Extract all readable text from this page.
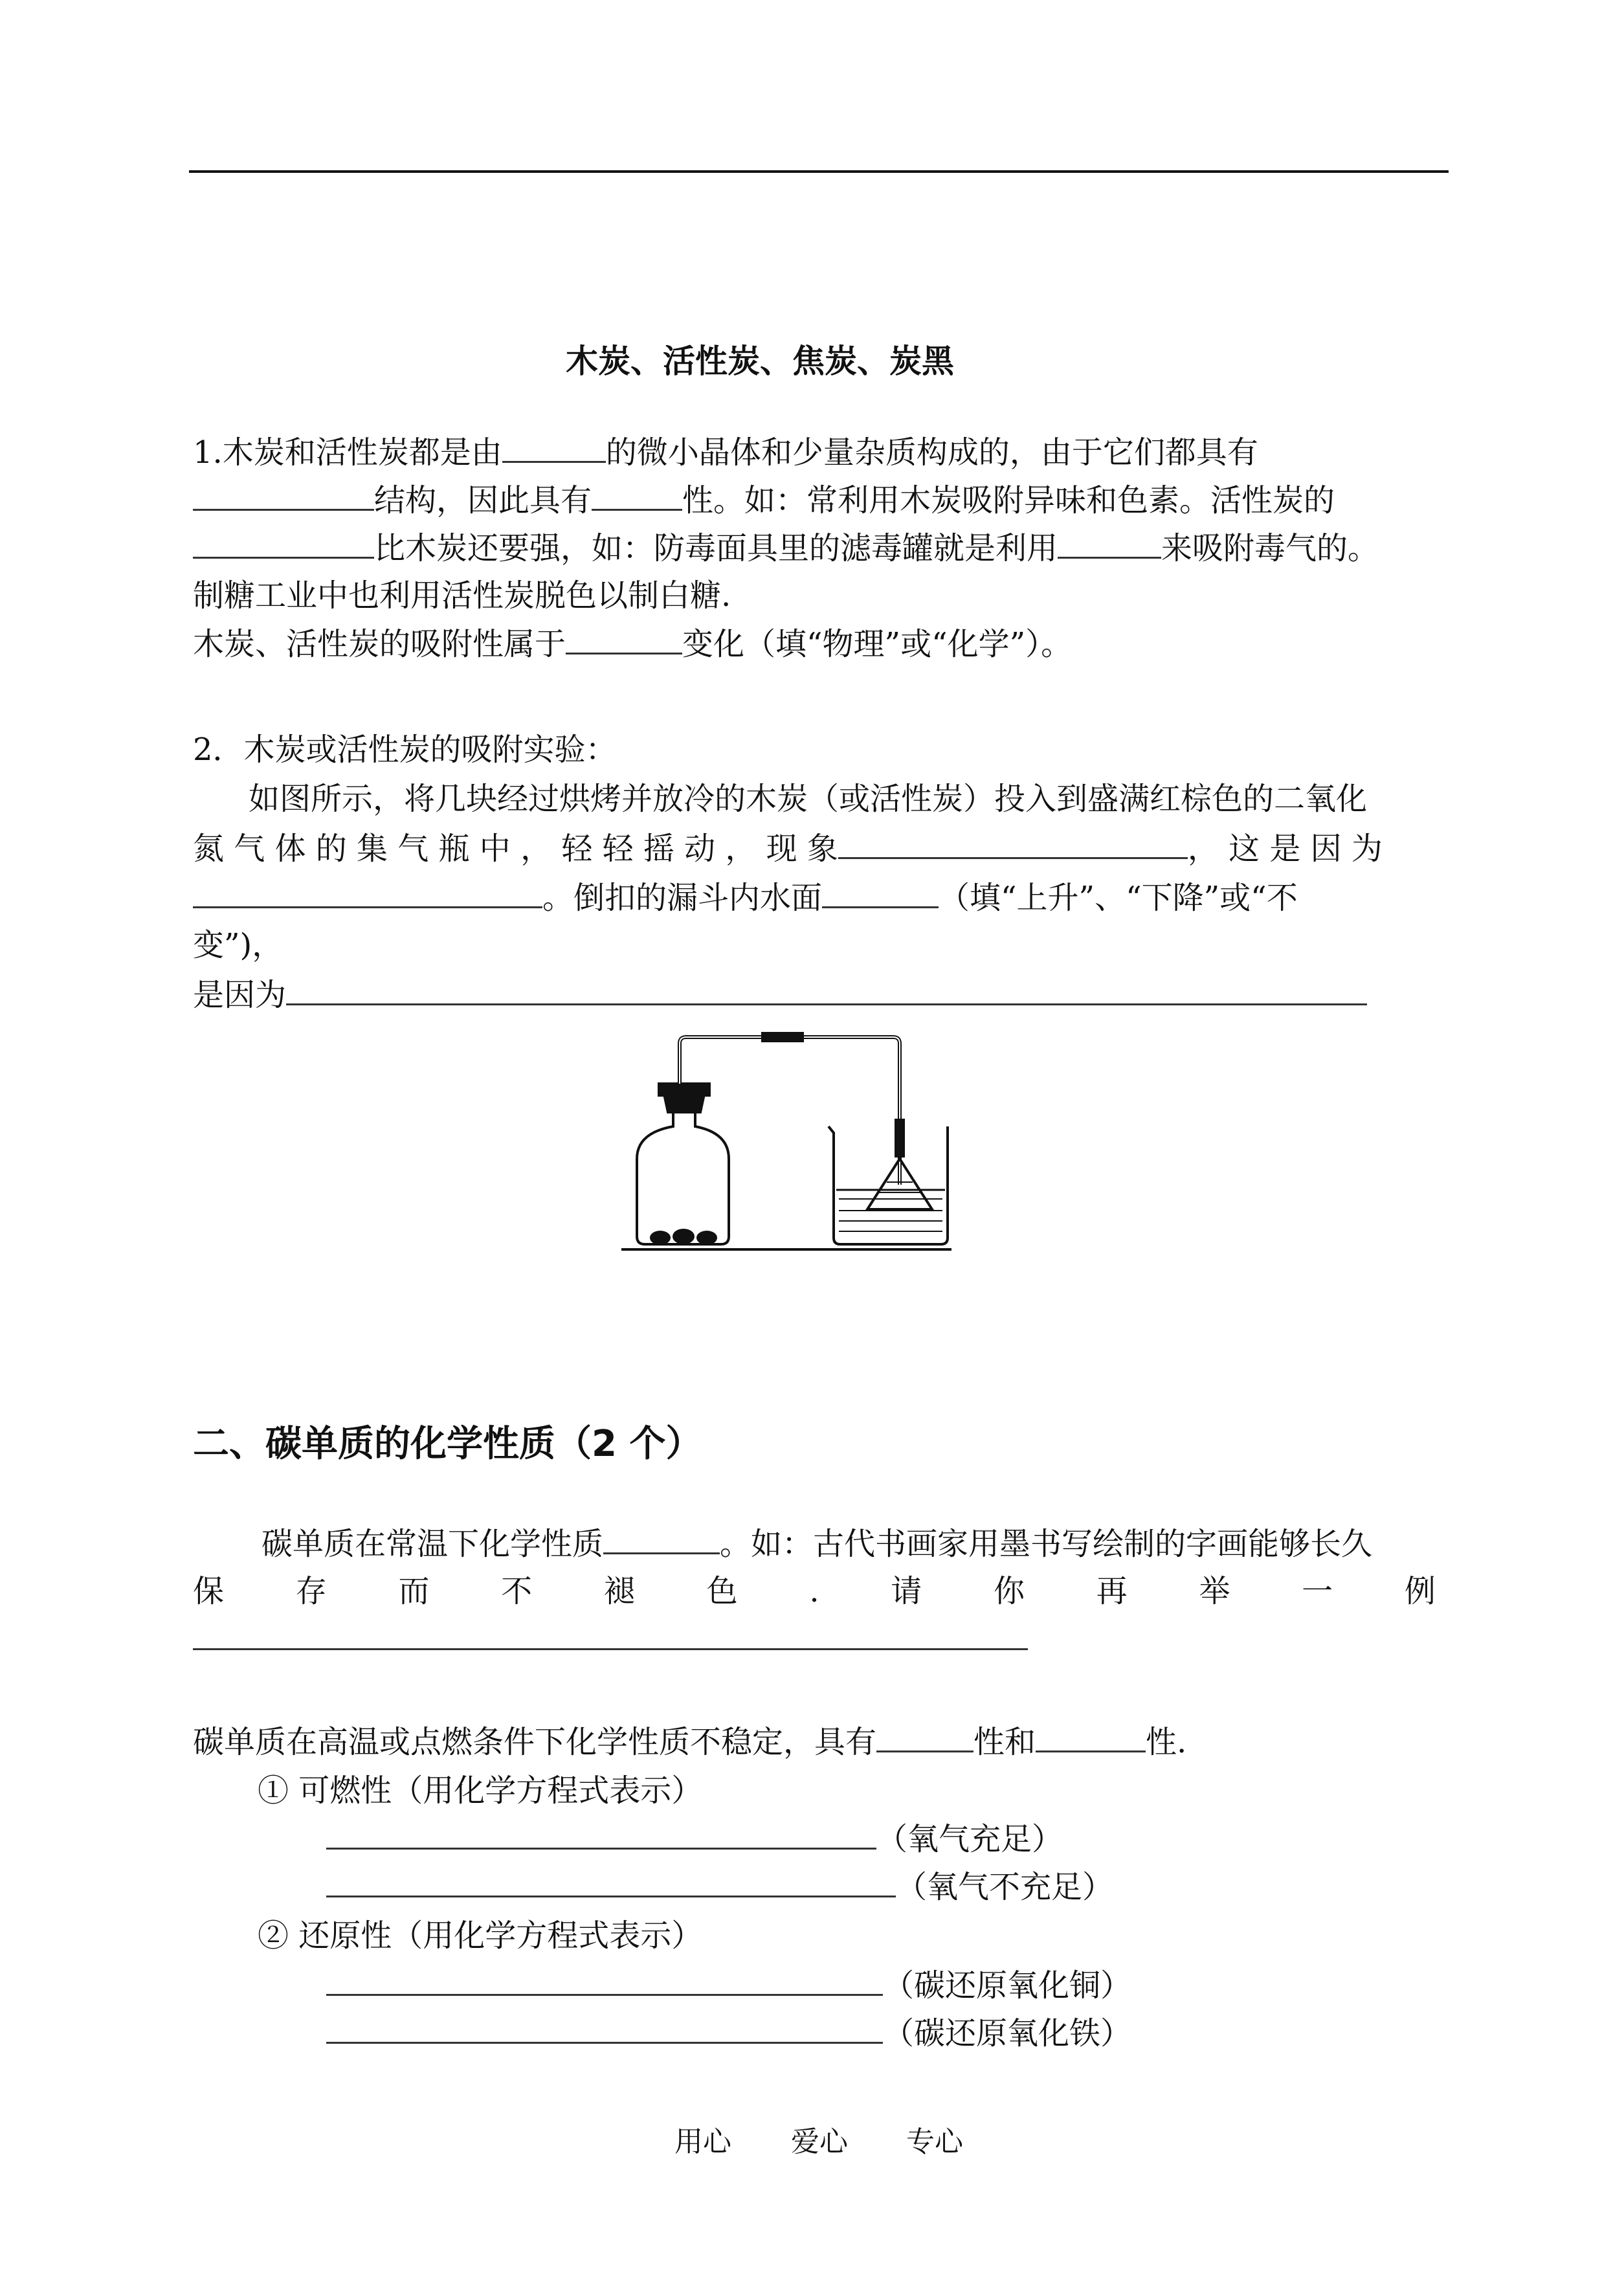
木炭、活性炭、焦炭、炭黑
1.木炭和活性炭都是由	的微小晶体和少量杂质构成的，由于它们都具有
结构，因此具有	性。如：常利用木炭吸附异味和色素。活性炭的
比木炭还要强，如：防毒面具里的滤毒罐就是利用	来吸附毒气的。
制糖工业中也利用活性炭脱色以制白糖.
木炭、活性炭的吸附性属于	变化（填“物理”或“化学”）。
2．木炭或活性炭的吸附实验：
如图所示，将几块经过烘烤并放冷的木炭（或活性炭）投入到盛满红棕色的二氧化
氮 气 体 的 集 气 瓶 中 ， 轻 轻 摇 动 ， 现 象	， 这 是 因 为
。倒扣的漏斗内水面	（填“上升”、“下降”或“不
变”)，
是因为
二、碳单质的化学性质（2 个）
碳单质在常温下化学性质	。如：古代书画家用墨书写绘制的字画能够长久
保 存 而 不 褪 色 . 请 你 再 举 一 例
碳单质在高温或点燃条件下化学性质不稳定，具有	性和	性.
① 可燃性（用化学方程式表示）
（氧气充足）
（氧气不充足）
② 还原性（用化学方程式表示）
（碳还原氧化铜）
（碳还原氧化铁）
用心 爱心 专心
